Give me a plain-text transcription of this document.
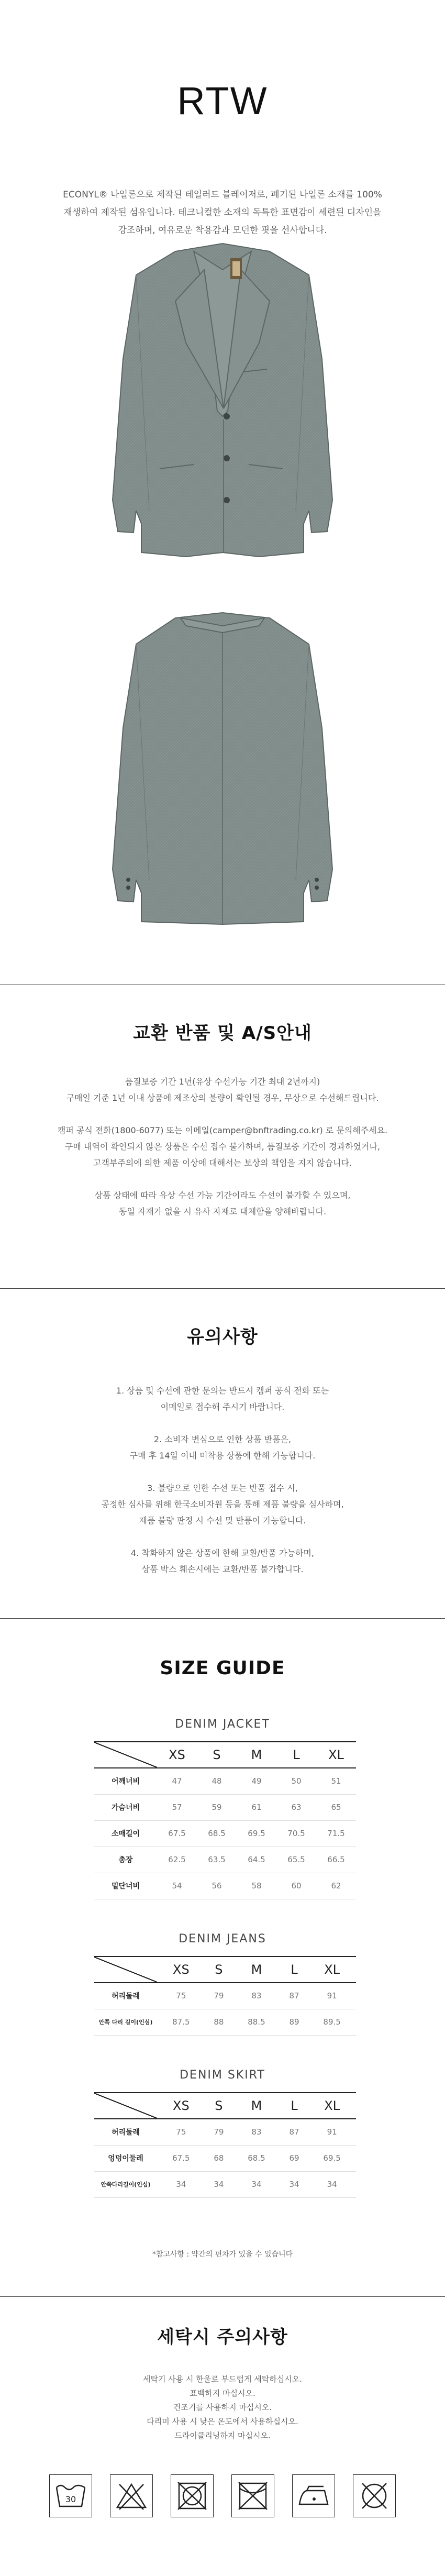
RTW
ECONYL® 나일론으로 제작된 테일러드 블레이저로, 폐기된 나일론 소재를 100%
재생하여 제작된 섬유입니다. 테크니컬한 소재의 독특한 표면감이 세련된 디자인을
강조하며, 여유로운 착용감과 모던한 핏을 선사합니다.
교환 반품 및 A/S안내

품질보증 기간 1년(유상 수선가능 기간 최대 2년까지)
구매일 기준 1년 이내 상품에 제조상의 불량이 확인될 경우, 무상으로 수선해드립니다.

캠퍼 공식 전화(1800-6077) 또는 이메일(camper@bnftrading.co.kr) 로 문의해주세요.
구매 내역이 확인되지 않은 상품은 수선 접수 불가하며, 품질보증 기간이 경과하였거나,
고객부주의에 의한 제품 이상에 대해서는 보상의 책임을 지지 않습니다.

상품 상태에 따라 유상 수선 가능 기간이라도 수선이 불가할 수 있으며,
동일 자재가 없을 시 유사 자재로 대체함을 양해바랍니다.

유의사항

1. 상품 및 수선에 관한 문의는 반드시 캠퍼 공식 전화 또는
이메일로 접수해 주시기 바랍니다.

2. 소비자 변심으로 인한 상품 반품은,
구매 후 14일 이내 미착용 상품에 한해 가능합니다.

3. 불량으로 인한 수선 또는 반품 접수 시,
공정한 심사를 위해 한국소비자원 등을 통해 제품 불량을 심사하며,
제품 불량 판정 시 수선 및 반품이 가능합니다.

4. 착화하지 않은 상품에 한해 교환/반품 가능하며,
상품 박스 훼손시에는 교환/반품 불가합니다.

SIZE GUIDE
DENIM JACKET
	XS	S	M	L	XL
어깨너비	47	48	49	50	51
가슴너비	57	59	61	63	65
소매길이	67.5	68.5	69.5	70.5	71.5
총장	62.5	63.5	64.5	65.5	66.5
밑단너비	54	56	58	60	62
DENIM JEANS
	XS	S	M	L	XL
허리둘레	75	79	83	87	91
안쪽 다리 길이(인심)	87.5	88	88.5	89	89.5
DENIM SKIRT
	XS	S	M	L	XL
허리둘레	75	79	83	87	91
엉덩이둘레	67.5	68	68.5	69	69.5
안쪽다리길이(인심)	34	34	34	34	34
*참고사항 : 약간의 편차가 있을 수 있습니다
세탁시 주의사항
세탁기 사용 시 한울로 부드럽게 세탁하십시오.
표백하지 마십시오.
건조기를 사용하지 마십시오.
다리미 사용 시 낮은 온도에서 사용하십시오.
드라이클리닝하지 마십시오.
30
